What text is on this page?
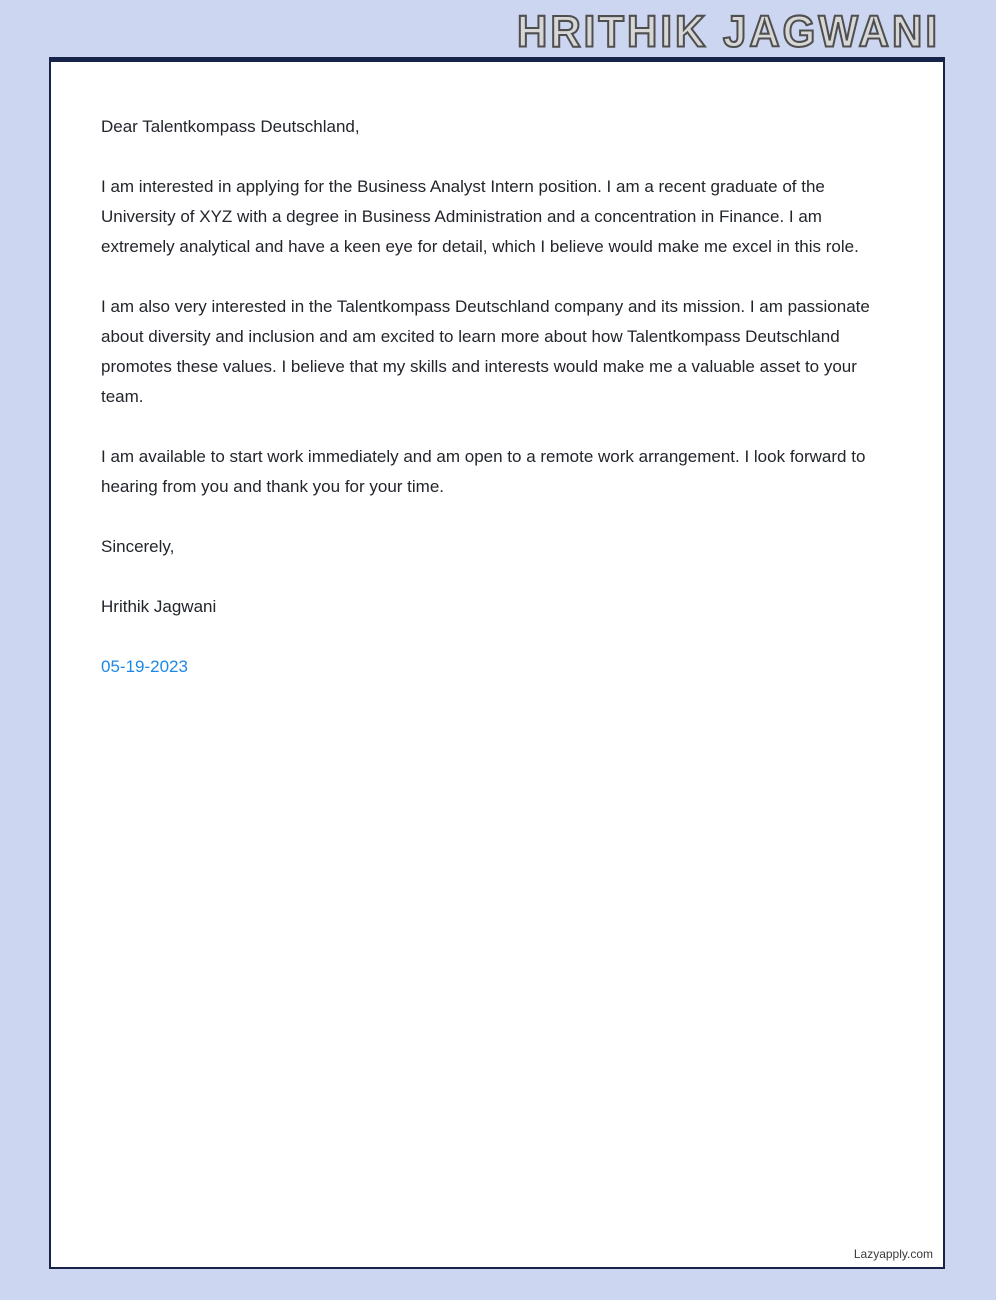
HRITHIK JAGWANI

Dear Talentkompass Deutschland,

I am interested in applying for the Business Analyst Intern position. I am a recent graduate of the University of XYZ with a degree in Business Administration and a concentration in Finance. I am extremely analytical and have a keen eye for detail, which I believe would make me excel in this role.

I am also very interested in the Talentkompass Deutschland company and its mission. I am passionate about diversity and inclusion and am excited to learn more about how Talentkompass Deutschland promotes these values. I believe that my skills and interests would make me a valuable asset to your team.

I am available to start work immediately and am open to a remote work arrangement. I look forward to hearing from you and thank you for your time.

Sincerely,

Hrithik Jagwani

05-19-2023

Lazyapply.com
